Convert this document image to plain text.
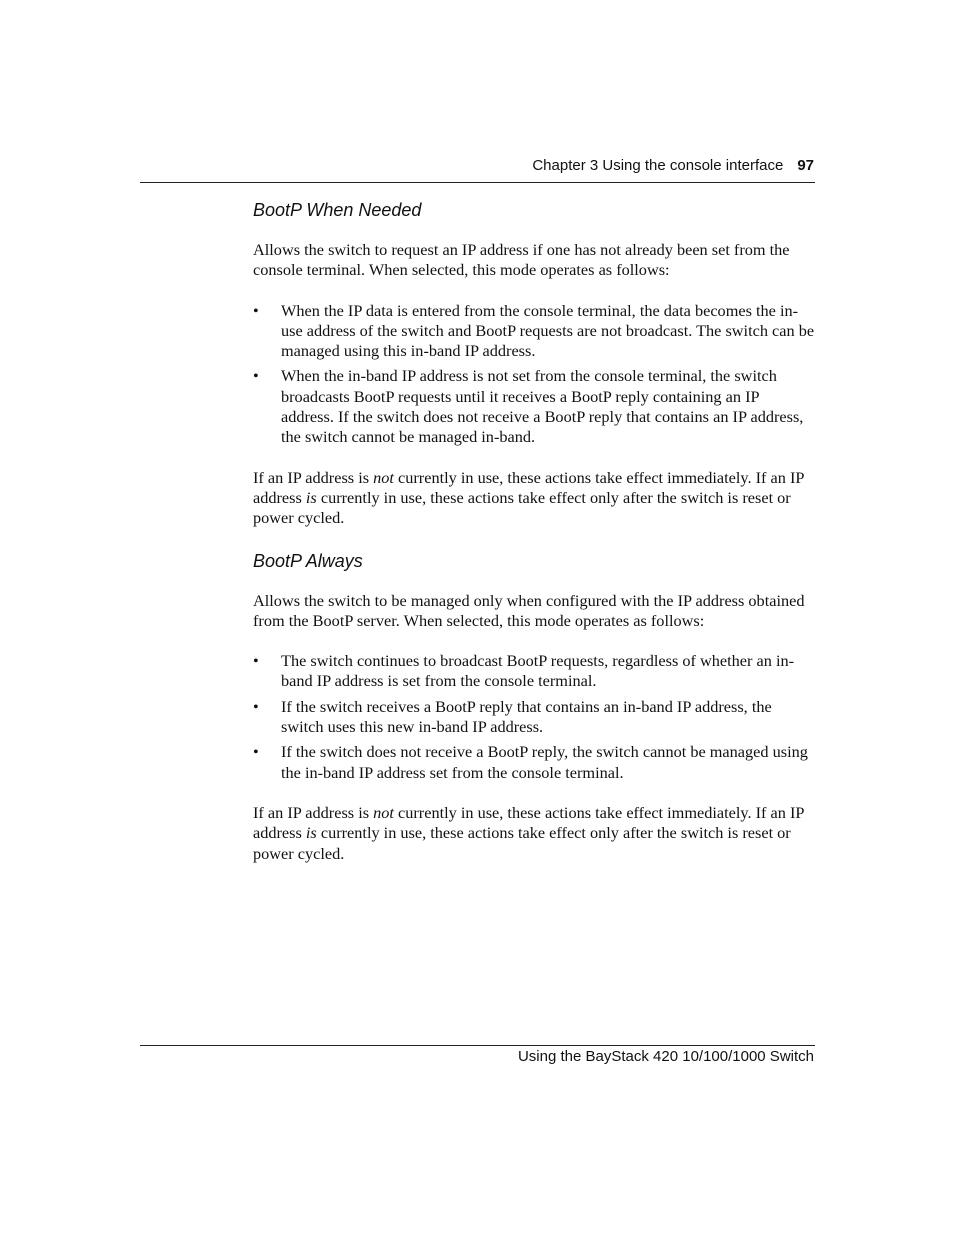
Chapter 3 Using the console interface 97
BootP When Needed

Allows the switch to request an IP address if one has not already been set from the console terminal. When selected, this mode operates as follows:

• When the IP data is entered from the console terminal, the data becomes the in-use address of the switch and BootP requests are not broadcast. The switch can be managed using this in-band IP address.
• When the in-band IP address is not set from the console terminal, the switch broadcasts BootP requests until it receives a BootP reply containing an IP address. If the switch does not receive a BootP reply that contains an IP address, the switch cannot be managed in-band.

If an IP address is not currently in use, these actions take effect immediately. If an IP address is currently in use, these actions take effect only after the switch is reset or power cycled.

BootP Always

Allows the switch to be managed only when configured with the IP address obtained from the BootP server. When selected, this mode operates as follows:

• The switch continues to broadcast BootP requests, regardless of whether an in-band IP address is set from the console terminal.
• If the switch receives a BootP reply that contains an in-band IP address, the switch uses this new in-band IP address.
• If the switch does not receive a BootP reply, the switch cannot be managed using the in-band IP address set from the console terminal.

If an IP address is not currently in use, these actions take effect immediately. If an IP address is currently in use, these actions take effect only after the switch is reset or power cycled.

Using the BayStack 420 10/100/1000 Switch
